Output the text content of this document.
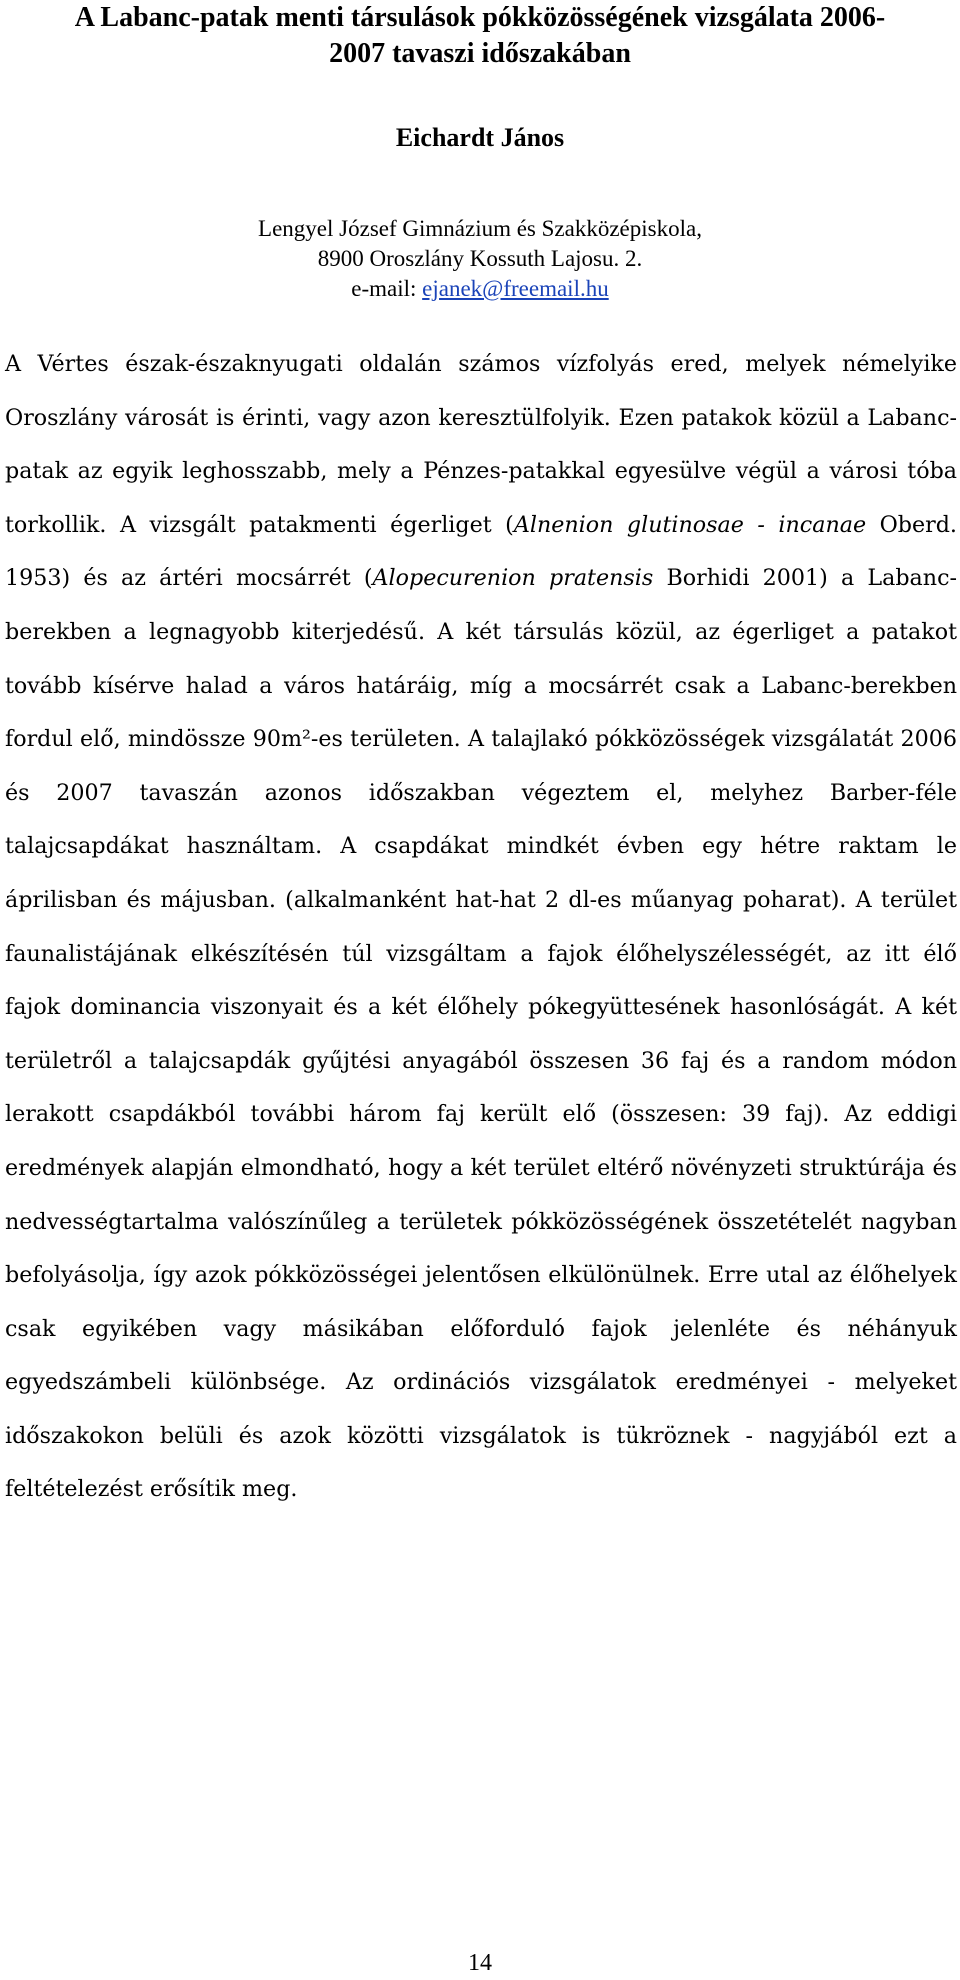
A Labanc-patak menti társulások pókközösségének vizsgálata 2006-
2007 tavaszi időszakában

Eichardt János

Lengyel József Gimnázium és Szakközépiskola,
8900 Oroszlány Kossuth Lajosu. 2.
e-mail: ejanek@freemail.hu

A Vértes észak-északnyugati oldalán számos vízfolyás ered, melyek némelyike Oroszlány városát is érinti, vagy azon keresztülfolyik. Ezen patakok közül a Labanc-patak az egyik leghosszabb, mely a Pénzes-patakkal egyesülve végül a városi tóba torkollik. A vizsgált patakmenti égerliget (Alnenion glutinosae - incanae Oberd. 1953) és az ártéri mocsárrét (Alopecurenion pratensis Borhidi 2001) a Labanc-berekben a legnagyobb kiterjedésű. A két társulás közül, az égerliget a patakot tovább kísérve halad a város határáig, míg a mocsárrét csak a Labanc-berekben fordul elő, mindössze 90m²-es területen. A talajlakó pókközösségek vizsgálatát 2006 és 2007 tavaszán azonos időszakban végeztem el, melyhez Barber-féle talajcsapdákat használtam. A csapdákat mindkét évben egy hétre raktam le áprilisban és májusban. (alkalmanként hat-hat 2 dl-es műanyag poharat). A terület faunalistájának elkészítésén túl vizsgáltam a fajok élőhelyszélességét, az itt élő fajok dominancia viszonyait és a két élőhely pókegyüttesének hasonlóságát. A két területről a talajcsapdák gyűjtési anyagából összesen 36 faj és a random módon lerakott csapdákból további három faj került elő (összesen: 39 faj). Az eddigi eredmények alapján elmondható, hogy a két terület eltérő növényzeti struktúrája és nedvességtartalma valószínűleg a területek pókközösségének összetételét nagyban befolyásolja, így azok pókközösségei jelentősen elkülönülnek. Erre utal az élőhelyek csak egyikében vagy másikában előforduló fajok jelenléte és néhányuk egyedszámbeli különbsége. Az ordinációs vizsgálatok eredményei - melyeket időszakokon belüli és azok közötti vizsgálatok is tükröznek - nagyjából ezt a feltételezést erősítik meg.

14
